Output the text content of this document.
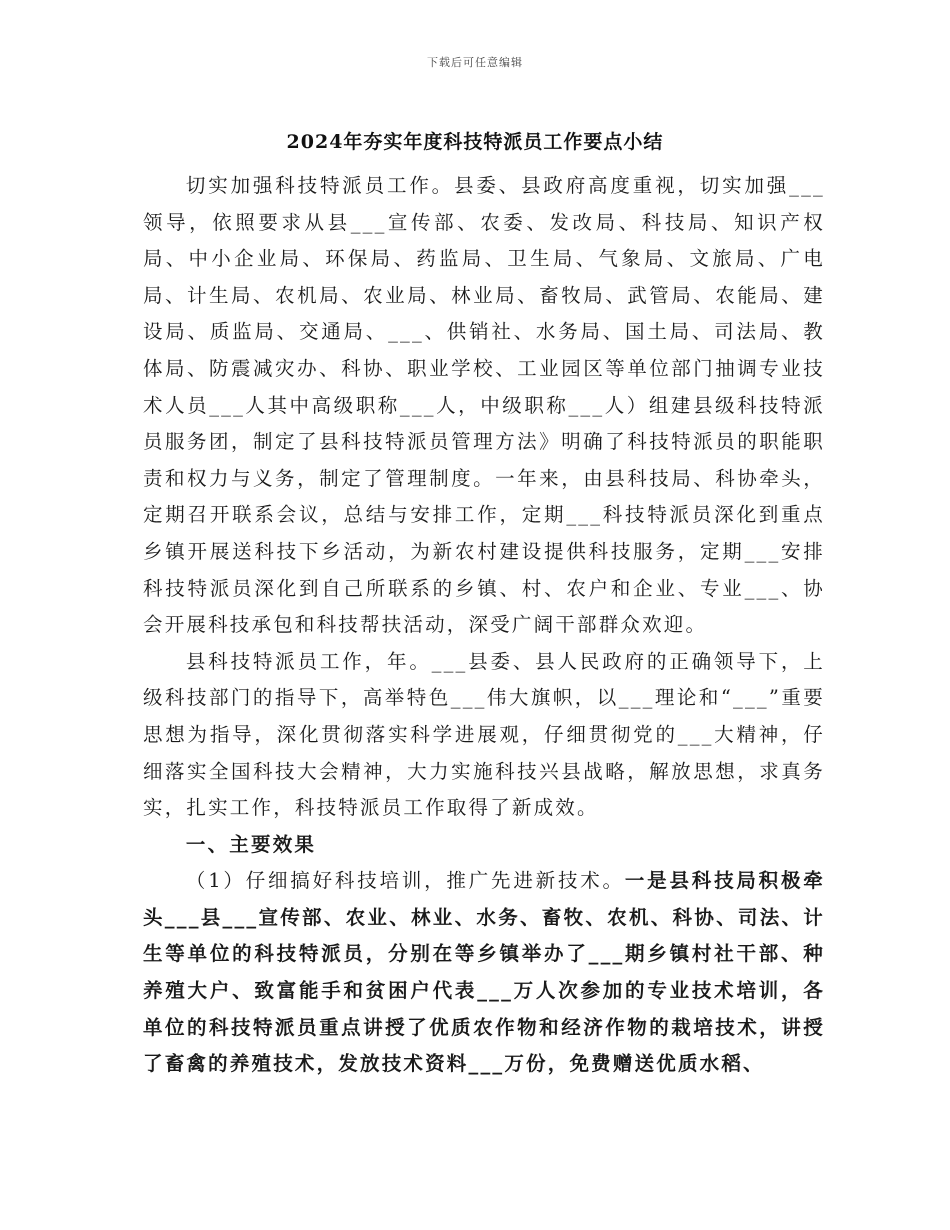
下载后可任意编辑
2024年夯实年度科技特派员工作要点小结

切实加强科技特派员工作。县委、县政府高度重视，切实加强___领导，依照要求从县___宣传部、农委、发改局、科技局、知识产权局、中小企业局、环保局、药监局、卫生局、气象局、文旅局、广电局、计生局、农机局、农业局、林业局、畜牧局、武管局、农能局、建设局、质监局、交通局、___、供销社、水务局、国土局、司法局、教体局、防震减灾办、科协、职业学校、工业园区等单位部门抽调专业技术人员___人其中高级职称___人，中级职称___人）组建县级科技特派员服务团，制定了县科技特派员管理方法》明确了科技特派员的职能职责和权力与义务，制定了管理制度。一年来，由县科技局、科协牵头，定期召开联系会议，总结与安排工作，定期___科技特派员深化到重点乡镇开展送科技下乡活动，为新农村建设提供科技服务，定期___安排科技特派员深化到自己所联系的乡镇、村、农户和企业、专业___、协会开展科技承包和科技帮扶活动，深受广阔干部群众欢迎。

县科技特派员工作，年。___县委、县人民政府的正确领导下，上级科技部门的指导下，高举特色___伟大旗帜，以___理论和“___”重要思想为指导，深化贯彻落实科学进展观，仔细贯彻党的___大精神，仔细落实全国科技大会精神，大力实施科技兴县战略，解放思想，求真务实，扎实工作，科技特派员工作取得了新成效。

一、主要效果

（1）仔细搞好科技培训，推广先进新技术。一是县科技局积极牵头___县___宣传部、农业、林业、水务、畜牧、农机、科协、司法、计生等单位的科技特派员，分别在等乡镇举办了___期乡镇村社干部、种养殖大户、致富能手和贫困户代表___万人次参加的专业技术培训，各单位的科技特派员重点讲授了优质农作物和经济作物的栽培技术，讲授了畜禽的养殖技术，发放技术资料___万份，免费赠送优质水稻、
